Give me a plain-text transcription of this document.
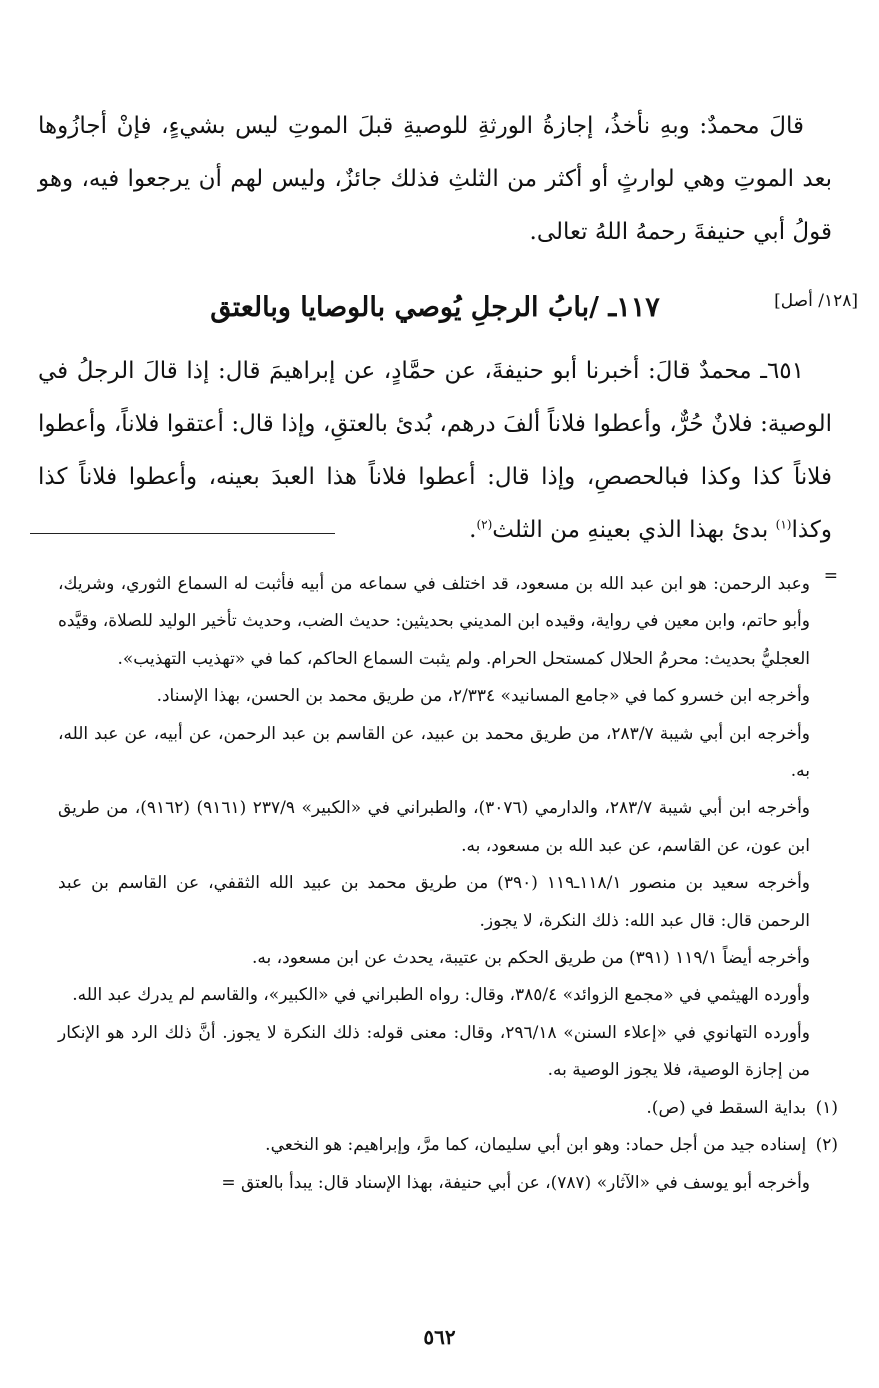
قالَ محمدٌ: وبهِ نأخذُ، إجازةُ الورثةِ للوصيةِ قبلَ الموتِ ليس بشيءٍ، فإنْ أجازُوها بعد الموتِ وهي لوارثٍ أو أكثر من الثلثِ فذلك جائزٌ، وليس لهم أن يرجعوا فيه، وهو قولُ أبي حنيفةَ رحمهُ اللهُ تعالى.

[١٢٨/ أصل]

١١٧ـ /بابُ الرجلِ يُوصي بالوصايا وبالعتق

٦٥١ـ محمدٌ قالَ: أخبرنا أبو حنيفةَ، عن حمَّادٍ، عن إبراهيمَ قال: إذا قالَ الرجلُ في الوصية: فلانٌ حُرٌّ، وأعطوا فلاناً ألفَ درهم، بُدئ بالعتقِ، وإذا قال: أعتقوا فلاناً، وأعطوا فلاناً كذا وكذا فبالحصصِ، وإذا قال: أعطوا فلاناً هذا العبدَ بعينه، وأعطوا فلاناً كذا وكذا$^{(١)}$ بدئ بهذا الذي بعينهِ من الثلث$^{(٢)}$.

=

وعبد الرحمن: هو ابن عبد الله بن مسعود، قد اختلف في سماعه من أبيه فأثبت له السماع الثوري، وشريك، وأبو حاتم، وابن معين في رواية، وقيده ابن المديني بحديثين: حديث الضب، وحديث تأخير الوليد للصلاة، وقيَّده العجليُّ بحديث: محرمُ الحلال كمستحل الحرام. ولم يثبت السماع الحاكم، كما في «تهذيب التهذيب».

وأخرجه ابن خسرو كما في «جامع المسانيد» ٢/٣٣٤، من طريق محمد بن الحسن، بهذا الإسناد.

وأخرجه ابن أبي شيبة ٢٨٣/٧، من طريق محمد بن عبيد، عن القاسم بن عبد الرحمن، عن أبيه، عن عبد الله، به.

وأخرجه ابن أبي شيبة ٢٨٣/٧، والدارمي (٣٠٧٦)، والطبراني في «الكبير» ٢٣٧/٩ (٩١٦١) (٩١٦٢)، من طريق ابن عون، عن القاسم، عن عبد الله بن مسعود، به.

وأخرجه سعيد بن منصور ١١٨/١ـ١١٩ (٣٩٠) من طريق محمد بن عبيد الله الثقفي، عن القاسم بن عبد الرحمن قال: قال عبد الله: ذلك النكرة، لا يجوز.

وأخرجه أيضاً ١١٩/١ (٣٩١) من طريق الحكم بن عتيبة، يحدث عن ابن مسعود، به.

وأورده الهيثمي في «مجمع الزوائد» ٣٨٥/٤، وقال: رواه الطبراني في «الكبير»، والقاسم لم يدرك عبد الله.

وأورده التهانوي في «إعلاء السنن» ٢٩٦/١٨، وقال: معنى قوله: ذلك النكرة لا يجوز. أنَّ ذلك الرد هو الإنكار من إجازة الوصية، فلا يجوز الوصية به.

(١) بداية السقط في (ص).

(٢) إسناده جيد من أجل حماد: وهو ابن أبي سليمان، كما مرَّ، وإبراهيم: هو النخعي.

وأخرجه أبو يوسف في «الآثار» (٧٨٧)، عن أبي حنيفة، بهذا الإسناد قال: يبدأ بالعتق =

٥٦٢
